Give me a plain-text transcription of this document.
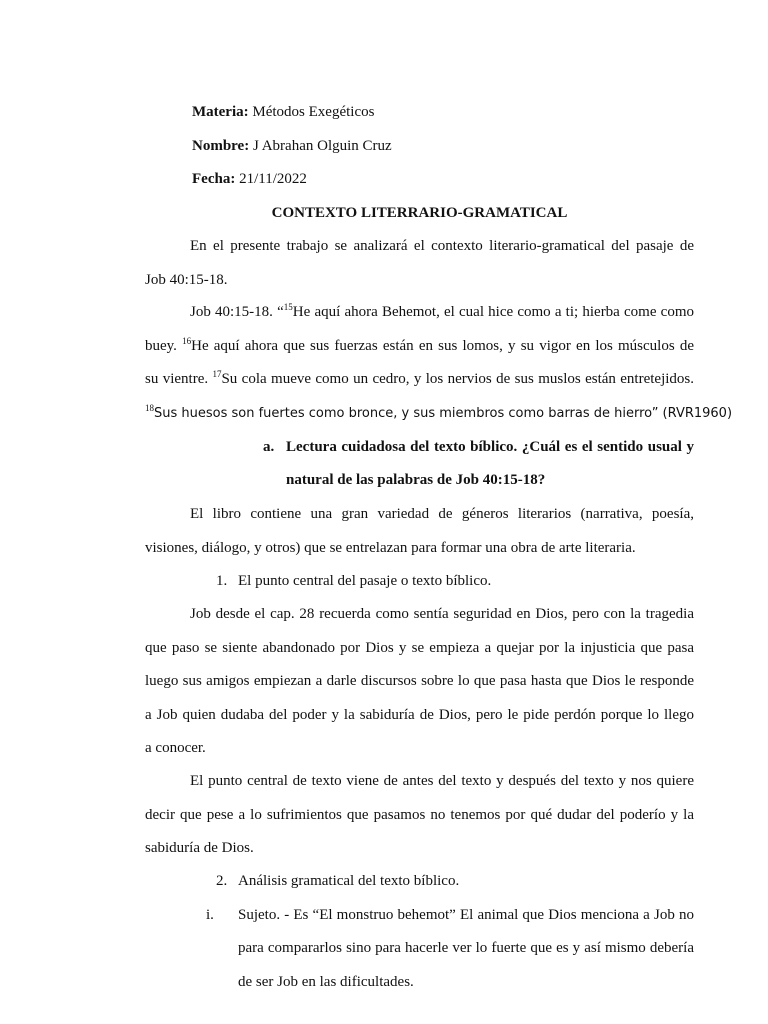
Materia: Métodos Exegéticos
Nombre: J Abrahan Olguin Cruz
Fecha: 21/11/2022
CONTEXTO LITERRARIO-GRAMATICAL
En el presente trabajo se analizará el contexto literario-gramatical del pasaje de
Job 40:15-18.
Job 40:15-18. “$^{15}$He aquí ahora Behemot, el cual hice como a ti; hierba come como
buey. $^{16}$He aquí ahora que sus fuerzas están en sus lomos, y su vigor en los músculos de
su vientre. $^{17}$Su cola mueve como un cedro, y los nervios de sus muslos están entretejidos.
$^{18}$Sus huesos son fuertes como bronce, y sus miembros como barras de hierro” (RVR1960)
a. Lectura cuidadosa del texto bíblico. ¿Cuál es el sentido usual y
natural de las palabras de Job 40:15-18?
El libro contiene una gran variedad de géneros literarios (narrativa, poesía,
visiones, diálogo, y otros) que se entrelazan para formar una obra de arte literaria.
1. El punto central del pasaje o texto bíblico.
Job desde el cap. 28 recuerda como sentía seguridad en Dios, pero con la tragedia
que paso se siente abandonado por Dios y se empieza a quejar por la injusticia que pasa
luego sus amigos empiezan a darle discursos sobre lo que pasa hasta que Dios le responde
a Job quien dudaba del poder y la sabiduría de Dios, pero le pide perdón porque lo llego
a conocer.
El punto central de texto viene de antes del texto y después del texto y nos quiere
decir que pese a lo sufrimientos que pasamos no tenemos por qué dudar del poderío y la
sabiduría de Dios.
2. Análisis gramatical del texto bíblico.
i. Sujeto. - Es “El monstruo behemot” El animal que Dios menciona a Job no
para compararlos sino para hacerle ver lo fuerte que es y así mismo debería
de ser Job en las dificultades.
